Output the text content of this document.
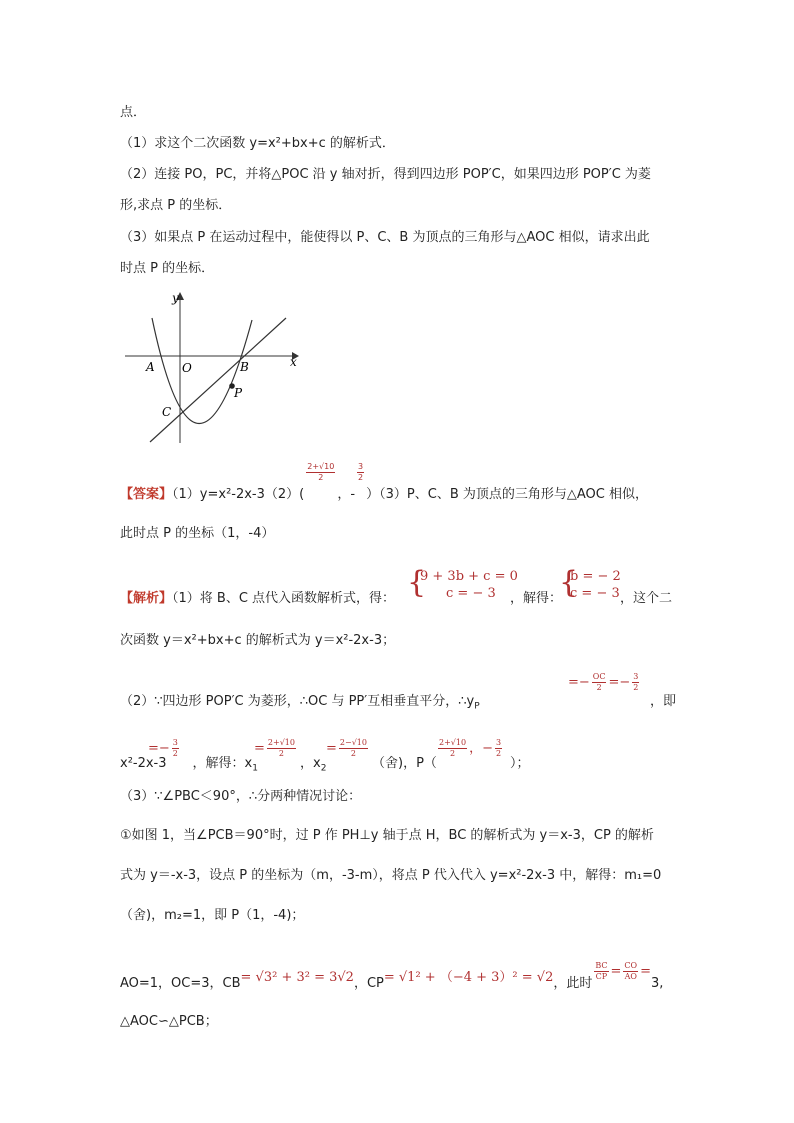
点．
（1）求这个二次函数 y=x²+bx+c 的解析式．
（2）连接 PO，PC，并将△POC 沿 y 轴对折，得到四边形 POP′C，如果四边形 POP′C 为菱
形,求点 P 的坐标．
（3）如果点 P 在运动过程中，能使得以 P、C、B 为顶点的三角形与△AOC 相似，请求出此
时点 P 的坐标．
y
x
A O	B
P
C
【答案】（1）y=x²-2x-3（2）(
$\frac{2+√10}{2}$
，-
$\frac{3}{2}$
）（3）P、C、B 为顶点的三角形与△AOC 相似，
此时点 P 的坐标（1，-4）
【解析】（1）将 B、C 点代入函数解析式，得： {
9 + 3b + c = 0
c = − 3	，解得：
{
b = − 2
c = − 3 ，这个二
次函数 y＝x²+bx+c 的解析式为 y＝x²-2x-3；
（2）∵四边形 POP′C 为菱形，∴OC 与 PP′互相垂直平分，$\therefore y_P$
=− $\frac{OC}{2} =- \frac{3}{2}$
，即
=− $\frac{3}{2}$
x²-2x-3 ，解得：$x_1$
= $\frac{2+√10}{2}$
，$x_2$
= $\frac{2-√10}{2}$
（舍)，P（
$\frac{2+√10}{2}$ ，− $\frac{3}{2}$
）；
（3）∵∠PBC＜90°，∴分两种情况讨论：
①如图 1，当∠PCB＝90°时，过 P 作 PH⊥y 轴于点 H，BC 的解析式为 y＝x-3，CP 的解析
式为 y＝-x-3，设点 P 的坐标为（m，-3-m），将点 P 代入代入 y=x²-2x-3 中，解得：m₁=0
（舍)，m₂=1，即 P（1，-4)；
AO=1，OC=3，CB= √3² + 3² = 3√2，CP= √1² + （−4 + 3）² = √2，此时
$\frac{BC}{CP} = \frac{CO}{AO} =3$,
△AOC∽△PCB；
